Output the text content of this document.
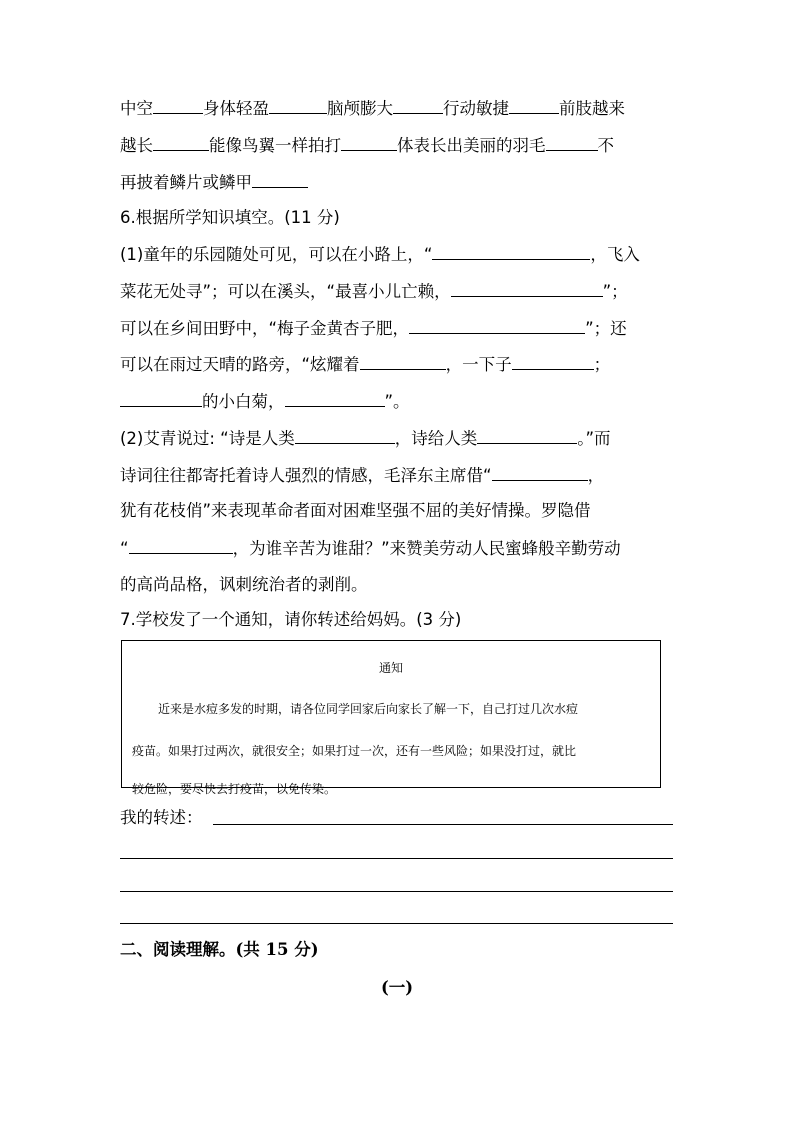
中空	身体轻盈	脑颅膨大	行动敏捷	前肢越来
越长	能像鸟翼一样拍打	体表长出美丽的羽毛	不
再披着鳞片或鳞甲
6.根据所学知识填空。(11 分)
(1)童年的乐园随处可见，可以在小路上，“	，飞入
菜花无处寻”；可以在溪头，“最喜小儿亡赖，	”；
可以在乡间田野中，“梅子金黄杏子肥，	”；还
可以在雨过天晴的路旁，“炫耀着	，一下子	；
的小白菊，	”。
(2)艾青说过: “诗是人类	，诗给人类	。”而
诗词往往都寄托着诗人强烈的情感，毛泽东主席借“	，
犹有花枝俏”来表现革命者面对困难坚强不屈的美好情操。罗隐借
“	，为谁辛苦为谁甜？”来赞美劳动人民蜜蜂般辛勤劳动
的高尚品格，讽刺统治者的剥削。
7.学校发了一个通知，请你转述给妈妈。(3 分)
通知
近来是水痘多发的时期，请各位同学回家后向家长了解一下，自己打过几次水痘
疫苗。如果打过两次，就很安全；如果打过一次，还有一些风险；如果没打过，就比
较危险，要尽快去打疫苗，以免传染。
我的转述：
二、阅读理解。(共 15 分)
(一)
